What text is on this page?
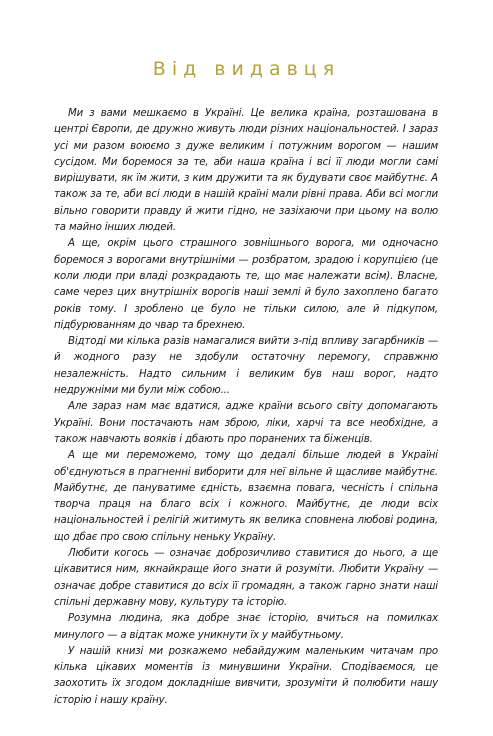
Від видавця

Ми з вами мешкаємо в Україні. Це велика країна, розташована в центрі Європи, де дружно живуть люди різних національностей. І зараз усі ми разом воюємо з дуже великим і потужним ворогом — нашим сусідом. Ми боремося за те, аби наша країна і всі її люди могли самі вирішувати, як їм жити, з ким дружити та як будувати своє майбутнє. А також за те, аби всі люди в нашій країні мали рівні права. Аби всі могли вільно говорити правду й жити гідно, не зазіхаючи при цьому на волю та майно інших людей.

А ще, окрім цього страшного зовнішнього ворога, ми одночасно боремося з ворогами внутрішніми — розбратом, зрадою і корупцією (це коли люди при владі розкрадають те, що має належати всім). Власне, саме через цих внутрішніх ворогів наші землі й було захоплено багато років тому. І зроблено це було не тільки силою, але й підкупом, підбурюванням до чвар та брехнею.

Відтоді ми кілька разів намагалися вийти з-під впливу загарбників — й жодного разу не здобули остаточну перемогу, справжню незалежність. Надто сильним і великим був наш ворог, надто недружніми ми були між собою...

Але зараз нам має вдатися, адже країни всього світу допомагають Україні. Вони постачають нам зброю, ліки, харчі та все необхідне, а також навчають вояків і дбають про поранених та біженців.

А ще ми переможемо, тому що дедалі більше людей в Україні об'єднуються в прагненні виборити для неї вільне й щасливе майбутнє. Майбутнє, де пануватиме єдність, взаємна повага, чесність і спільна творча праця на благо всіх і кожного. Майбутнє, де люди всіх національностей і релігій житимуть як велика сповнена любові родина, що дбає про свою спільну неньку Україну.

Любити когось — означає доброзичливо ставитися до нього, а ще цікавитися ним, якнайкраще його знати й розуміти. Любити Україну — означає добре ставитися до всіх її громадян, а також гарно знати наші спільні державну мову, культуру та історію.

Розумна людина, яка добре знає історію, вчиться на помилках минулого — а відтак може уникнути їх у майбутньому.

У нашій книзі ми розкажемо небайдужим маленьким читачам про кілька цікавих моментів із минувшини України. Сподіваємося, це заохотить їх згодом докладніше вивчити, зрозуміти й полюбити нашу історію і нашу країну.
